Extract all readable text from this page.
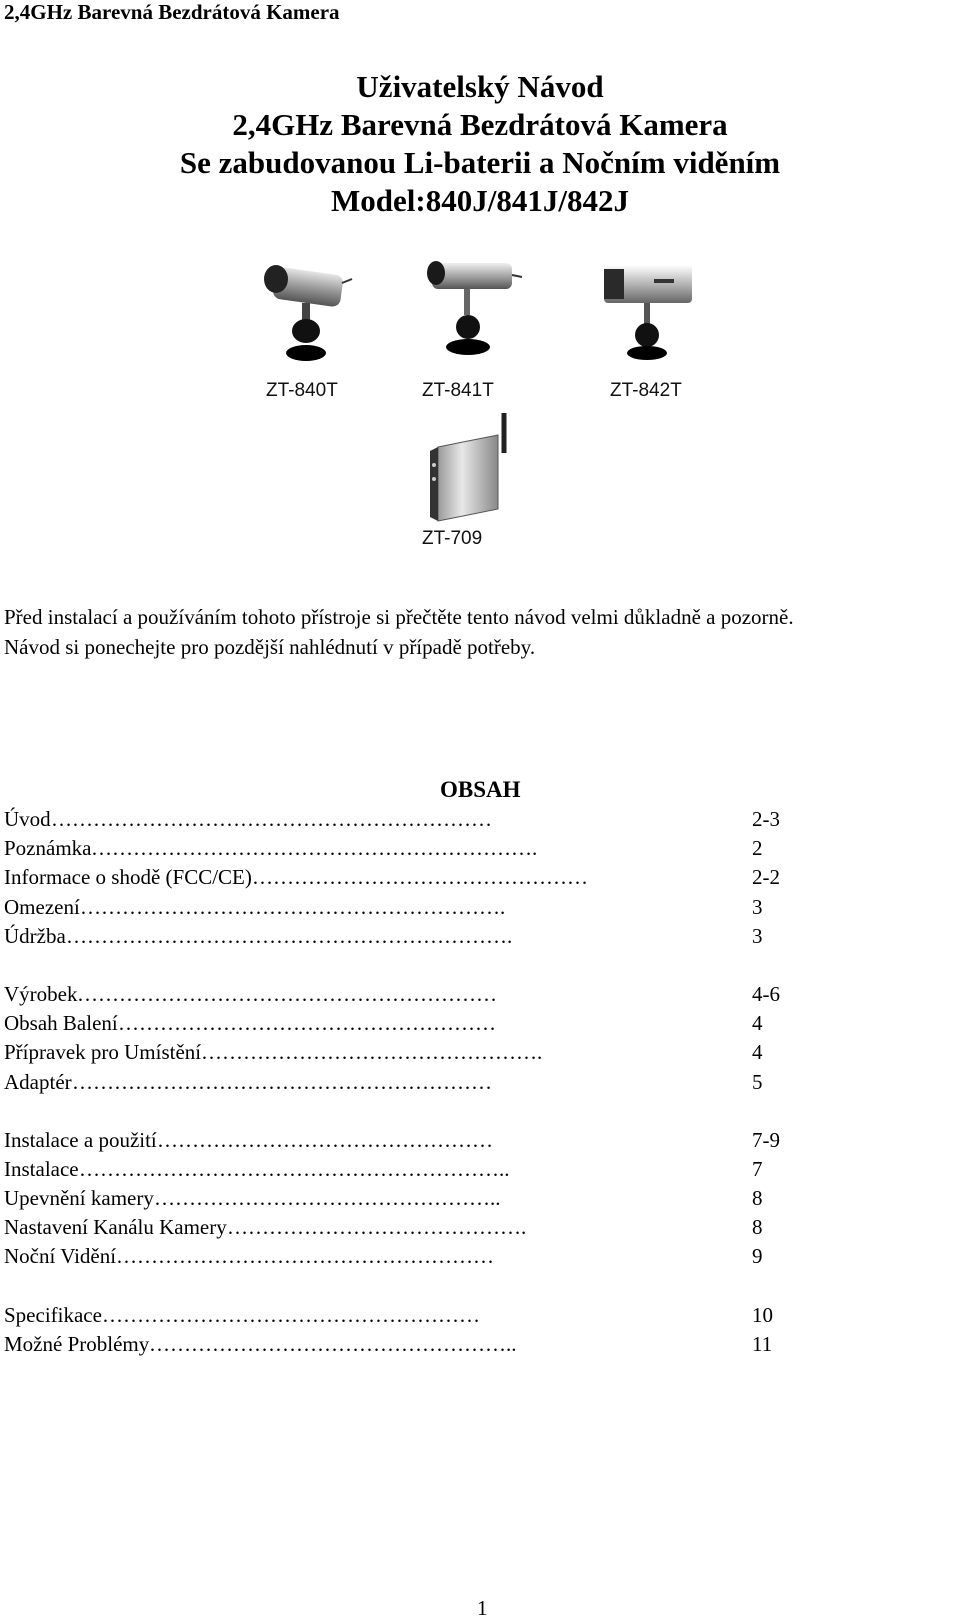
2,4GHz Barevná Bezdrátová Kamera
Uživatelský Návod
2,4GHz Barevná Bezdrátová Kamera
Se zabudovanou Li-baterii a Nočním viděním
Model:840J/841J/842J
ZT-840T	ZT-841T	ZT-842T
ZT-709
Před instalací a používáním tohoto přístroje si přečtěte tento návod velmi důkladně a pozorně.
Návod si ponechejte pro pozdější nahlédnutí v případě potřeby.
OBSAH
Úvod ………………………………………………………	2-3
Poznámka ……………………………………………………….	2
Informace o shodě (FCC/CE) …………………………………………	2-2
Omezení …………………………………………………….	3
Údržba ……………………………………………………….	3
Výrobek ……………………………………………………	4-6
Obsah Balení ………………………………………………	4
Přípravek pro Umístění ………………………………………….	4
Adaptér ……………………………………………………	5
Instalace a použití …………………………………………	7-9
Instalace ……………………………………………………..	7
Upevnění kamery …………………………………………..	8
Nastavení Kanálu Kamery …………………………………….	8
Noční Vidění ………………………………………………	9
Specifikace ………………………………………………	10
Možné Problémy ……………………………………………..	11
1
